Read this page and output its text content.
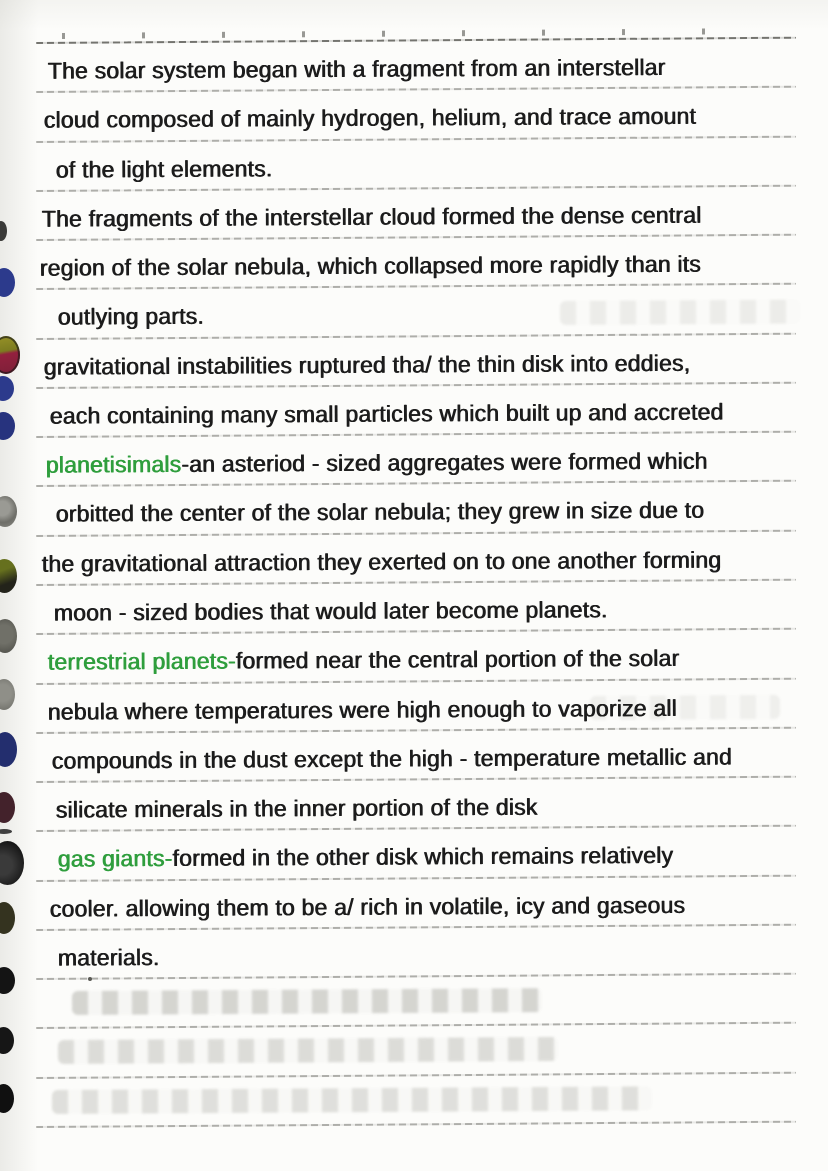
The solar system began with a fragment from an interstellar
cloud composed of mainly hydrogen, helium, and trace amount
of the light elements.
The fragments of the interstellar cloud formed the dense central
region of the solar nebula, which collapsed more rapidly than its
outlying parts.
gravitational instabilities ruptured tha/ the thin disk into eddies,
each containing many small particles which built up and accreted
planetisimals -an asteriod - sized aggregates were formed which
orbitted the center of the solar nebula; they grew in size due to
the gravitational attraction they exerted on to one another forming
moon - sized bodies that would later become planets.
terrestrial planets- formed near the central portion of the solar
nebula where temperatures were high enough to vaporize all
compounds in the dust except the high - temperature metallic and
silicate minerals in the inner portion of the disk
gas giants- formed in the other disk which remains relatively
cooler. allowing them to be a/ rich in volatile, icy and gaseous
materials.
